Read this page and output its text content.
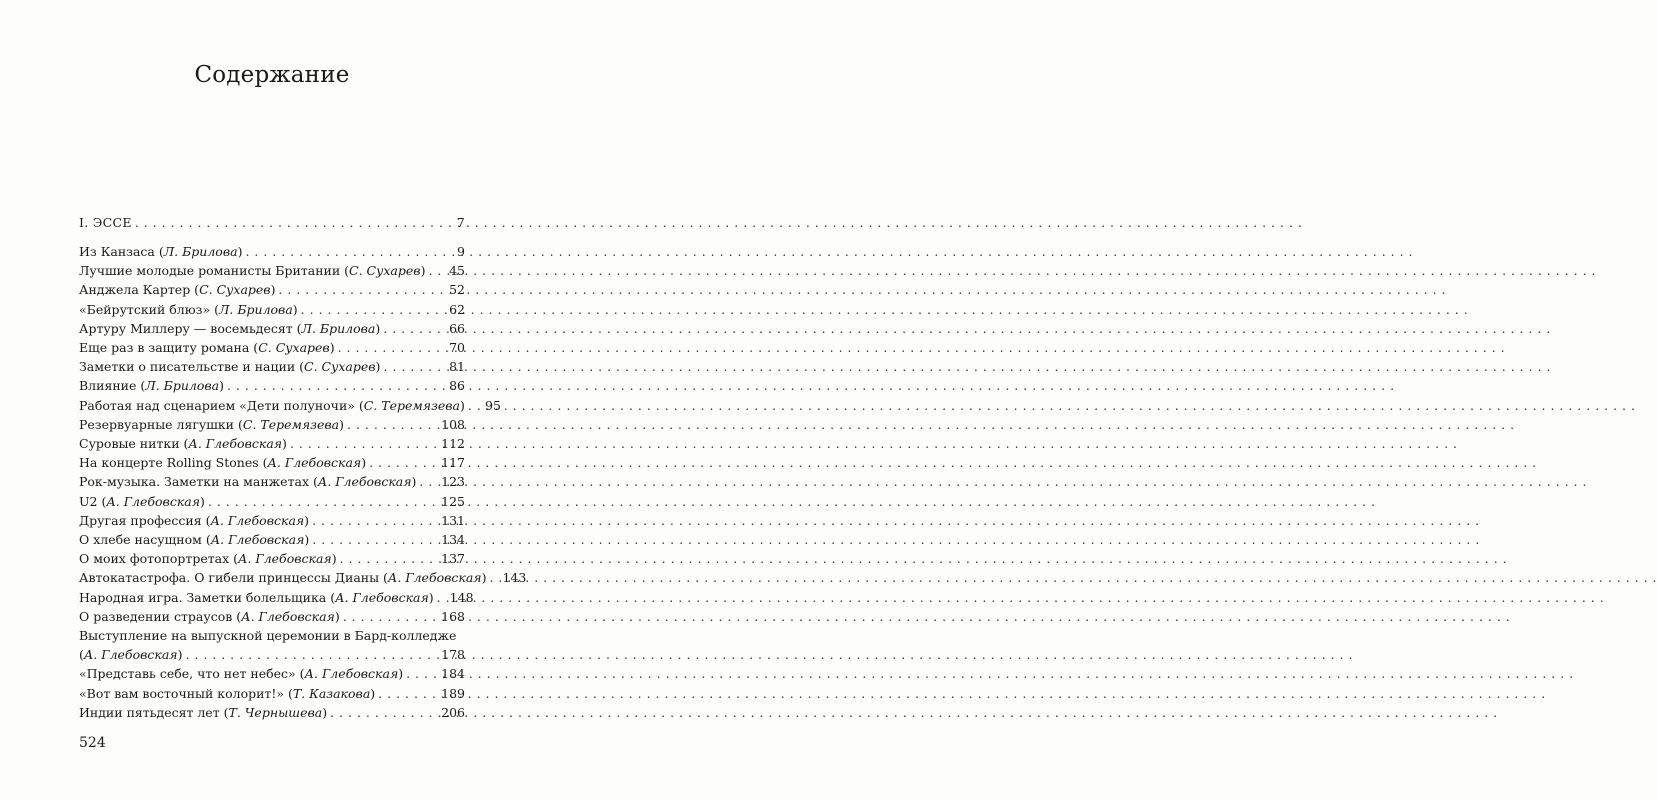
Содержание
I. ЭССЕ . . .	7
Из Канзаса (Л. Брилова) . . .	9
Лучшие молодые романисты Британии (С. Сухарев) . . .	45
Анджела Картер (С. Сухарев) . . .	52
«Бейрутский блюз» (Л. Брилова) . . .	62
Артуру Миллеру — восемьдесят (Л. Брилова) . . .	66
Еще раз в защиту романа (С. Сухарев) . . .	70
Заметки о писательстве и нации (С. Сухарев) . . .	81
Влияние (Л. Брилова) . . .	86
Работая над сценарием «Дети полуночи» (С. Теремязева) . . .	95
Резервуарные лягушки (С. Теремязева) . . .	108
Суровые нитки (А. Глебовская) . . .	112
На концерте Rolling Stones (А. Глебовская) . . .	117
Рок-музыка. Заметки на манжетах (А. Глебовская) . . . 123
U2 (А. Глебовская) . . .	125
Другая профессия (А. Глебовская) . . .	131
О хлебе насущном (А. Глебовская) . . .	134
О моих фотопортретах (А. Глебовская) . . .	137
Автокатастрофа. О гибели принцессы Дианы (А. Глебовская) . . . 143
Народная игра. Заметки болельщика (А. Глебовская) . . . 148
О разведении страусов (А. Глебовская) . . .	168
Выступление на выпускной церемонии в Бард-колледже
(А. Глебовская) . . .	178
«Представь себе, что нет небес» (А. Глебовская) . . .	184
«Вот вам восточный колорит!» (Т. Казакова) . . .	189
Индии пятьдесят лет (Т. Чернышева) . . .	206
524
